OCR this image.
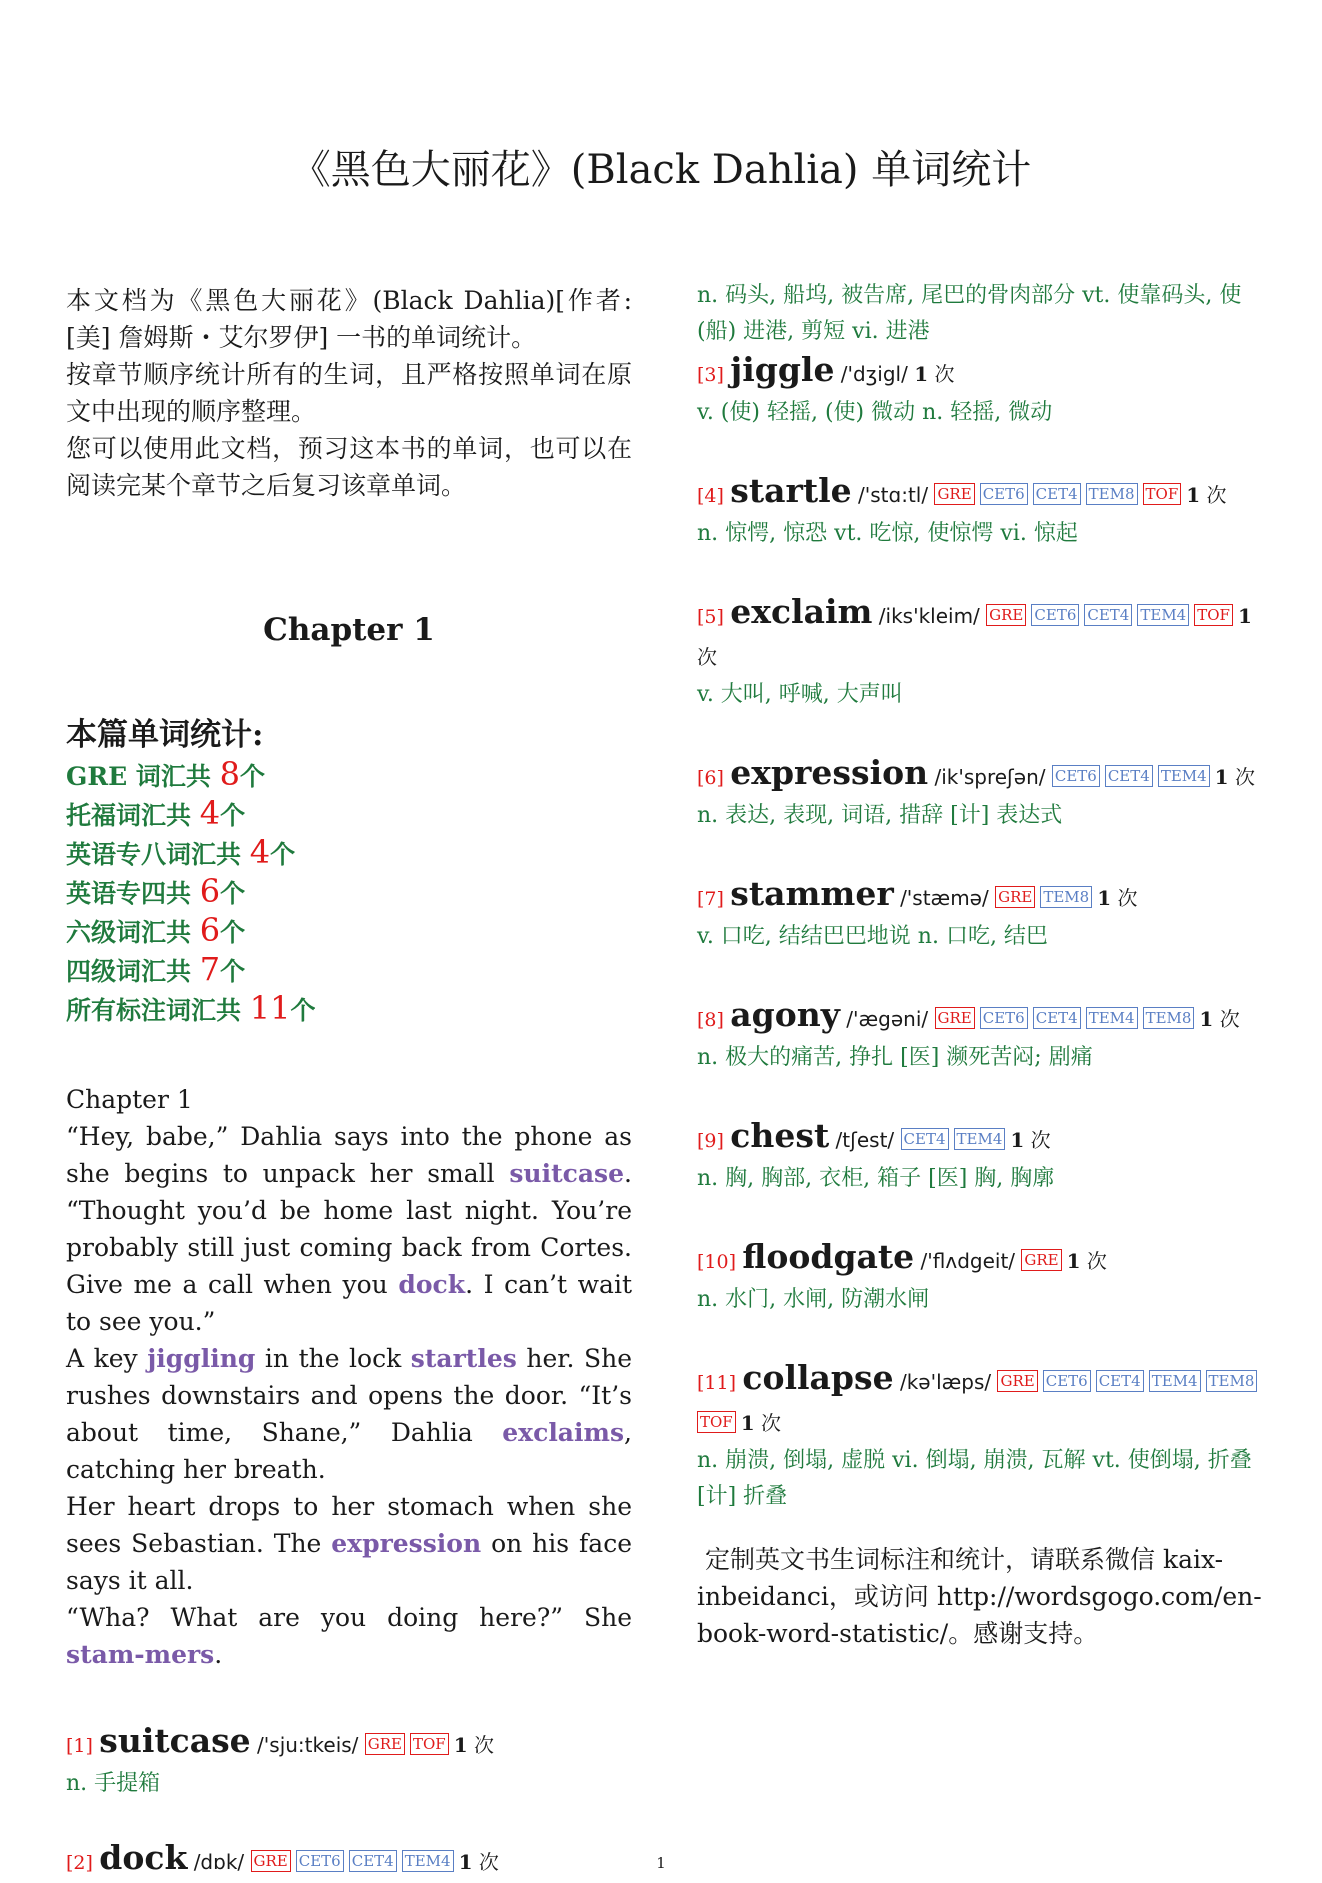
《黑色大丽花》(Black Dahlia) 单词统计

本文档为《黑色大丽花》(Black Dahlia)[作者: [美] 詹姆斯・艾尔罗伊] 一书的单词统计。

按章节顺序统计所有的生词，且严格按照单词在原文中出现的顺序整理。

您可以使用此文档，预习这本书的单词，也可以在阅读完某个章节之后复习该章单词。

Chapter 1

本篇单词统计:

GRE 词汇共 8个

托福词汇共 4个

英语专八词汇共 4个

英语专四共 6个

六级词汇共 6个

四级词汇共 7个

所有标注词汇共 11个

Chapter 1

“Hey, babe,” Dahlia says into the phone as she begins to unpack her small suitcase. “Thought you’d be home last night. You’re probably still just coming back from Cortes. Give me a call when you dock. I can’t wait to see you.”

A key jiggling in the lock startles her. She rushes downstairs and opens the door. “It’s about time, Shane,” Dahlia exclaims, catching her breath.

Her heart drops to her stomach when she sees Sebastian. The expression on his face says it all.

“Wha? What are you doing here?” She stam-mers.

[1] suitcase /'sju:tkeis/ GRE TOF 1 次

n. 手提箱

[2] dock /dɒk/ GRE CET6 CET4 TEM4 1 次

n. 码头, 船坞, 被告席, 尾巴的骨肉部分 vt. 使靠码头, 使(船) 进港, 剪短 vi. 进港

[3] jiggle /'dʒigl/ 1 次

v. (使) 轻摇, (使) 微动 n. 轻摇, 微动

[4] startle /'stɑ:tl/ GRE CET6 CET4 TEM8 TOF 1 次

n. 惊愕, 惊恐 vt. 吃惊, 使惊愕 vi. 惊起

[5] exclaim /iks'kleim/ GRE CET6 CET4 TEM4 TOF 1 次

v. 大叫, 呼喊, 大声叫

[6] expression /ik'spreʃən/ CET6 CET4 TEM4 1 次

n. 表达, 表现, 词语, 措辞 [计] 表达式

[7] stammer /'stæmə/ GRE TEM8 1 次

v. 口吃, 结结巴巴地说 n. 口吃, 结巴

[8] agony /'ægəni/ GRE CET6 CET4 TEM4 TEM8 1 次

n. 极大的痛苦, 挣扎 [医] 濒死苦闷; 剧痛

[9] chest /tʃest/ CET4 TEM4 1 次

n. 胸, 胸部, 衣柜, 箱子 [医] 胸, 胸廓

[10] floodgate /'flʌdgeit/ GRE 1 次

n. 水门, 水闸, 防潮水闸

[11] collapse /kə'læps/ GRE CET6 CET4 TEM4 TEM8TOF 1 次

n. 崩溃, 倒塌, 虚脱 vi. 倒塌, 崩溃, 瓦解 vt. 使倒塌, 折叠 [计] 折叠

定制英文书生词标注和统计，请联系微信 kaix-inbeidanci，或访问 http://wordsgogo.com/en-book-word-statistic/。感谢支持。

1
